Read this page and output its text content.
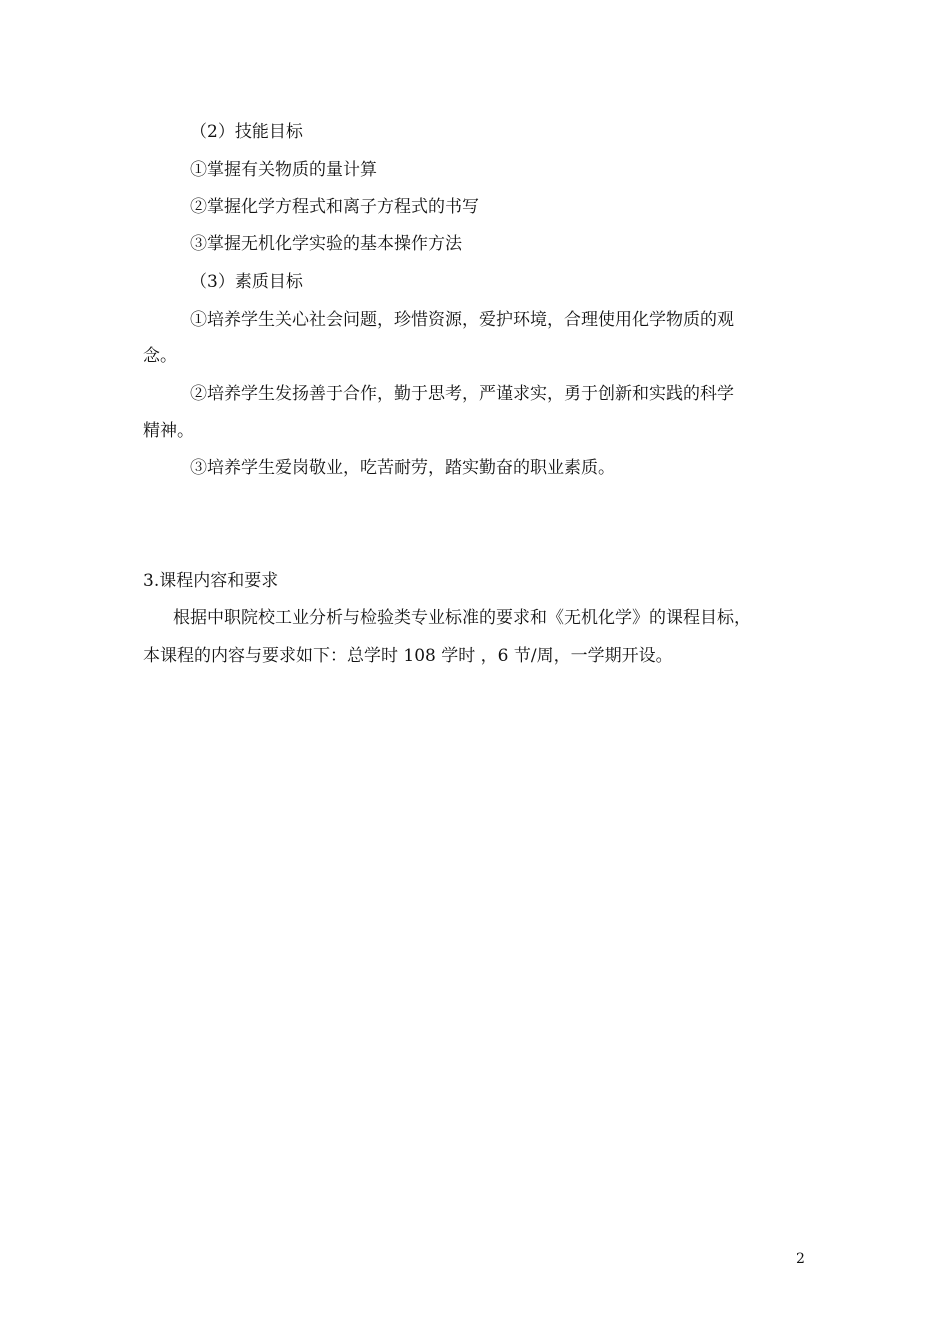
（2）技能目标
①掌握有关物质的量计算
②掌握化学方程式和离子方程式的书写
③掌握无机化学实验的基本操作方法
（3）素质目标
①培养学生关心社会问题，珍惜资源，爱护环境，合理使用化学物质的观
念。
②培养学生发扬善于合作，勤于思考，严谨求实，勇于创新和实践的科学
精神。
③培养学生爱岗敬业，吃苦耐劳，踏实勤奋的职业素质。
3.课程内容和要求
根据中职院校工业分析与检验类专业标准的要求和《无机化学》的课程目标，
本课程的内容与要求如下：总学时 108 学时 ，6 节/周，一学期开设。
2
